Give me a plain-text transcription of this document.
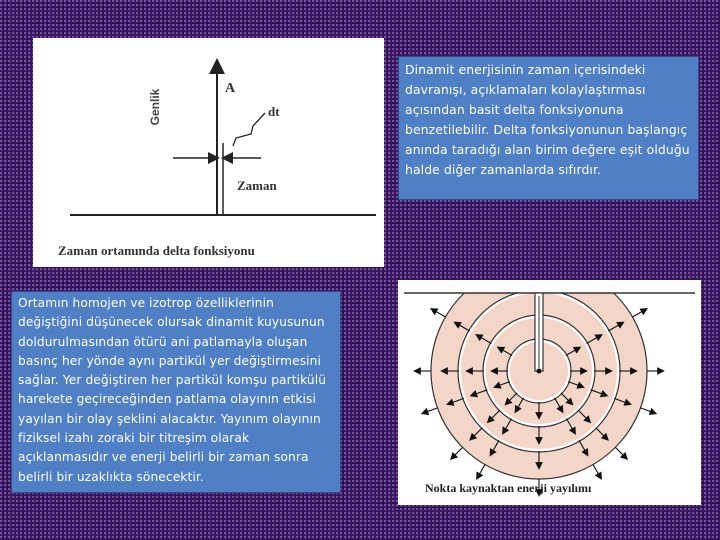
Genlik
A
dt
Zaman
Zaman ortamında delta fonksiyonu
Dinamit enerjisinin zaman içerisindeki davranışı, açıklamaları kolaylaştırması açısından basit delta fonksiyonuna benzetilebilir. Delta fonksiyonunun başlangıç anında taradığı alan birim değere eşit olduğu halde diğer zamanlarda sıfırdır.
Ortamın homojen ve izotrop özelliklerinin değiştiğini düşünecek olursak dinamit kuyusunun doldurulmasından ötürü ani patlamayla oluşan basınç her yönde aynı partikül yer değiştirmesini sağlar. Yer değiştiren her partikül komşu partikülü harekete geçireceğinden patlama olayının etkisi yayılan bir olay şeklini alacaktır. Yayınım olayının fiziksel izahı zoraki bir titreşim olarak açıklanmasıdır ve enerji belirli bir zaman sonra belirli bir uzaklıkta sönecektir.
Nokta kaynaktan enerji yayılımı
